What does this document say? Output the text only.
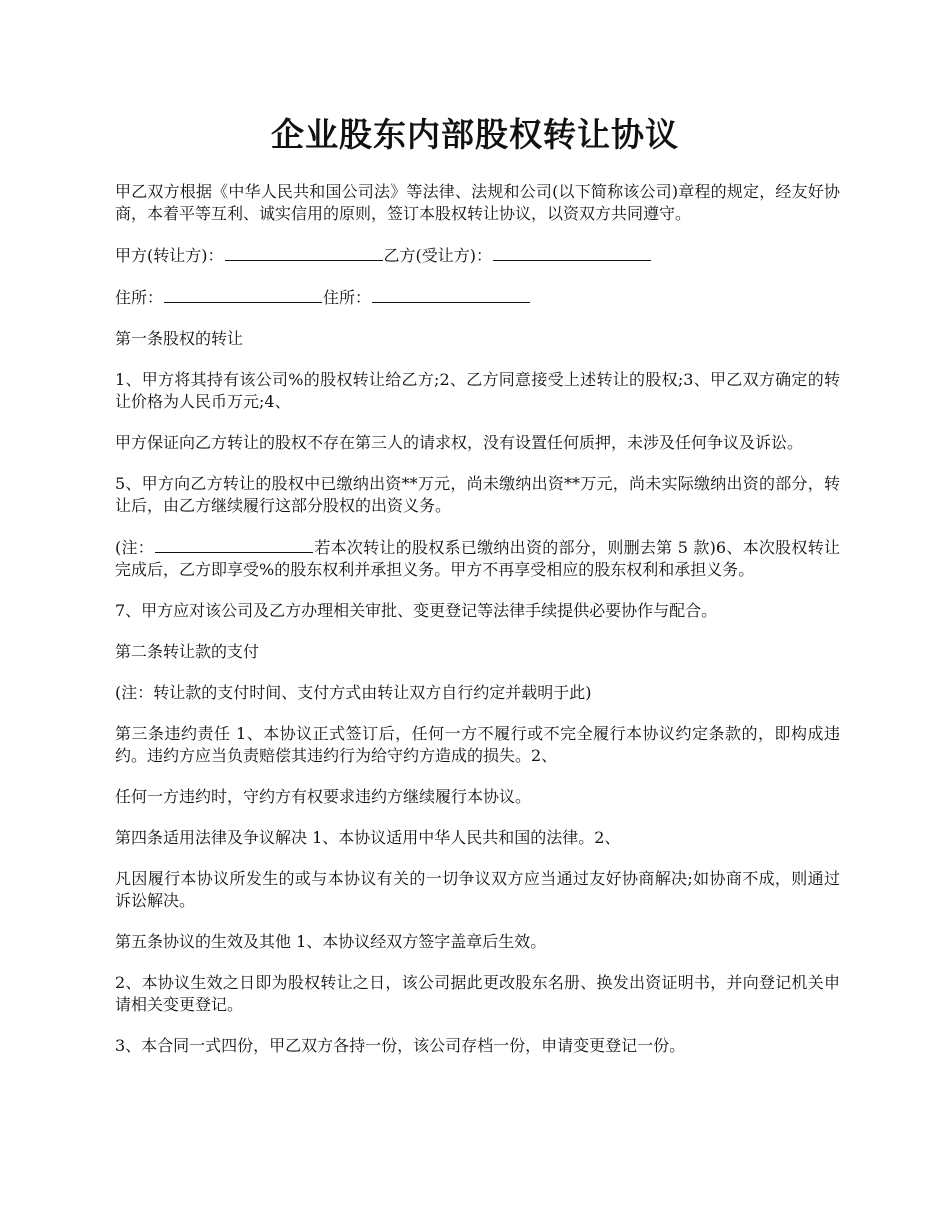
企业股东内部股权转让协议

甲乙双方根据《中华人民共和国公司法》等法律、法规和公司(以下简称该公司)章程的规定，经友好协商，本着平等互利、诚实信用的原则，签订本股权转让协议，以资双方共同遵守。

甲方(转让方)：	乙方(受让方)：

住所：	住所：

第一条股权的转让

1、甲方将其持有该公司%的股权转让给乙方;2、乙方同意接受上述转让的股权;3、甲乙双方确定的转让价格为人民币万元;4、

甲方保证向乙方转让的股权不存在第三人的请求权，没有设置任何质押，未涉及任何争议及诉讼。

5、甲方向乙方转让的股权中已缴纳出资**万元，尚未缴纳出资**万元，尚未实际缴纳出资的部分，转让后，由乙方继续履行这部分股权的出资义务。

(注：	若本次转让的股权系已缴纳出资的部分，则删去第 5 款)6、本次股权转让完成后，乙方即享受%的股东权利并承担义务。甲方不再享受相应的股东权利和承担义务。

7、甲方应对该公司及乙方办理相关审批、变更登记等法律手续提供必要协作与配合。

第二条转让款的支付

(注：转让款的支付时间、支付方式由转让双方自行约定并载明于此)

第三条违约责任 1、本协议正式签订后，任何一方不履行或不完全履行本协议约定条款的，即构成违约。违约方应当负责赔偿其违约行为给守约方造成的损失。2、

任何一方违约时，守约方有权要求违约方继续履行本协议。

第四条适用法律及争议解决 1、本协议适用中华人民共和国的法律。2、

凡因履行本协议所发生的或与本协议有关的一切争议双方应当通过友好协商解决;如协商不成，则通过诉讼解决。

第五条协议的生效及其他 1、本协议经双方签字盖章后生效。

2、本协议生效之日即为股权转让之日，该公司据此更改股东名册、换发出资证明书，并向登记机关申请相关变更登记。

3、本合同一式四份，甲乙双方各持一份，该公司存档一份，申请变更登记一份。
